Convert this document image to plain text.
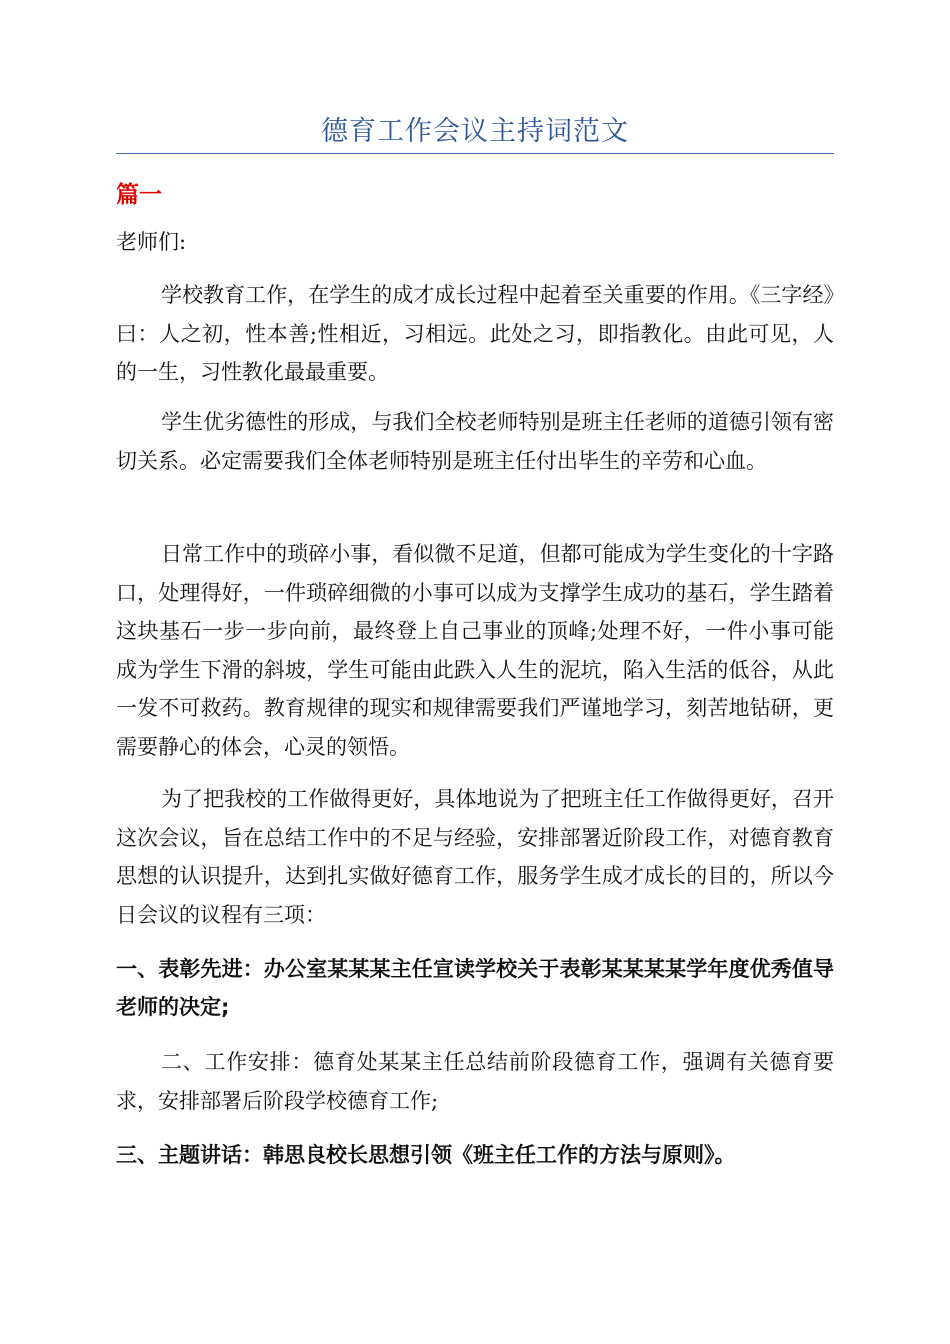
德育工作会议主持词范文
篇一
老师们:

学校教育工作，在学生的成才成长过程中起着至关重要的作用。《三字经》曰：人之初，性本善;性相近，习相远。此处之习，即指教化。由此可见，人的一生，习性教化最最重要。

学生优劣德性的形成，与我们全校老师特别是班主任老师的道德引领有密切关系。必定需要我们全体老师特别是班主任付出毕生的辛劳和心血。

日常工作中的琐碎小事，看似微不足道，但都可能成为学生变化的十字路口，处理得好，一件琐碎细微的小事可以成为支撑学生成功的基石，学生踏着这块基石一步一步向前，最终登上自己事业的顶峰;处理不好，一件小事可能成为学生下滑的斜坡，学生可能由此跌入人生的泥坑，陷入生活的低谷，从此一发不可救药。教育规律的现实和规律需要我们严谨地学习，刻苦地钻研，更需要静心的体会，心灵的领悟。

为了把我校的工作做得更好，具体地说为了把班主任工作做得更好，召开这次会议，旨在总结工作中的不足与经验，安排部署近阶段工作，对德育教育思想的认识提升，达到扎实做好德育工作，服务学生成才成长的目的，所以今日会议的议程有三项：

一、表彰先进：办公室某某某主任宣读学校关于表彰某某某某学年度优秀值导老师的决定;

二、工作安排：德育处某某主任总结前阶段德育工作，强调有关德育要求，安排部署后阶段学校德育工作;

三、主题讲话：韩思良校长思想引领《班主任工作的方法与原则》。
